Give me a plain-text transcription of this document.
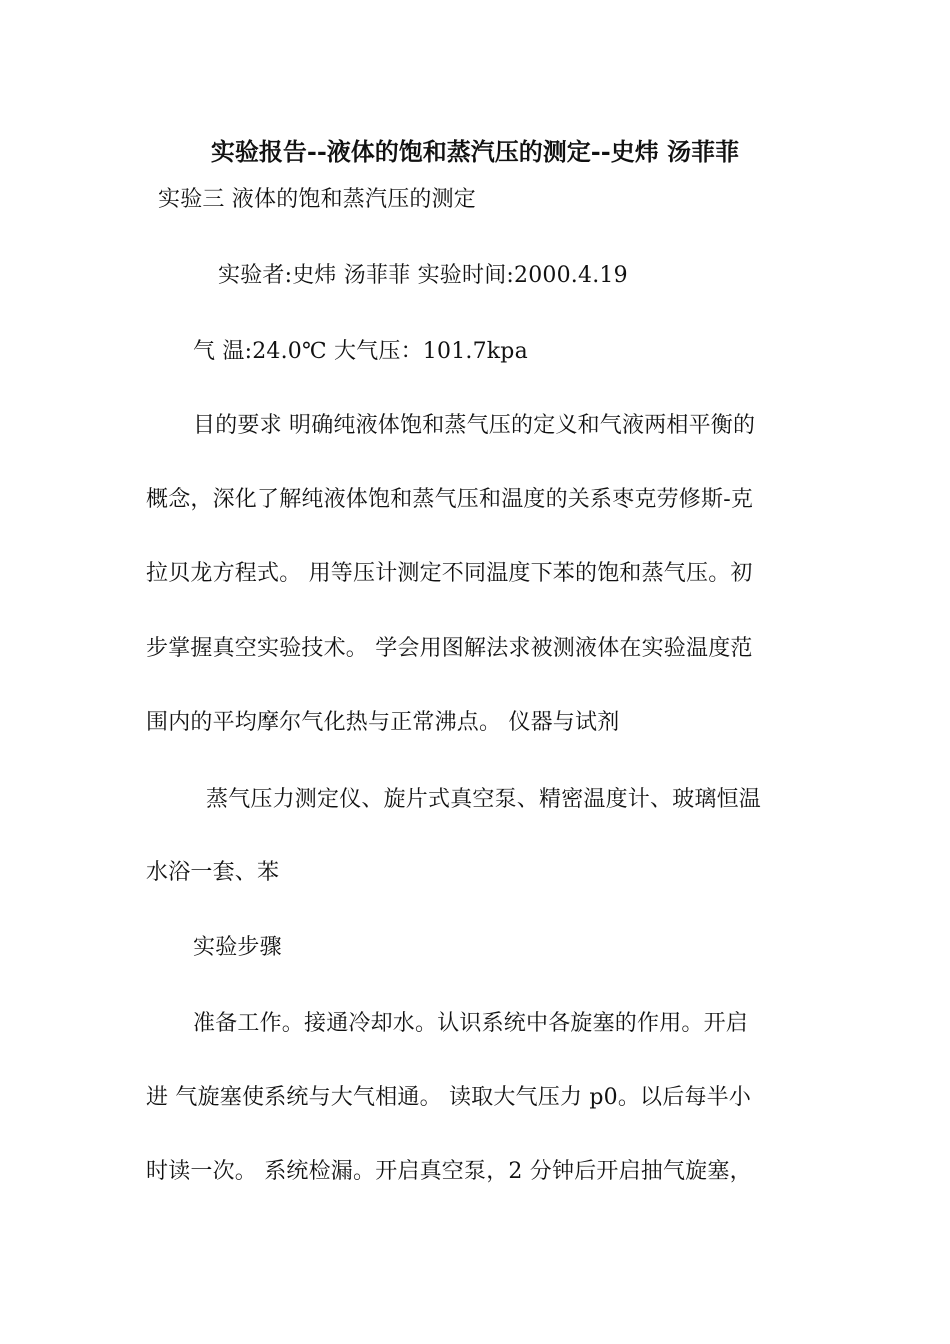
实验报告--液体的饱和蒸汽压的测定--史炜 汤菲菲
实验三 液体的饱和蒸汽压的测定
实验者:史炜 汤菲菲 实验时间:2000.4.19
气 温:24.0℃ 大气压：101.7kpa
目的要求 明确纯液体饱和蒸气压的定义和气液两相平衡的
概念，深化了解纯液体饱和蒸气压和温度的关系枣克劳修斯-克
拉贝龙方程式。 用等压计测定不同温度下苯的饱和蒸气压。初
步掌握真空实验技术。 学会用图解法求被测液体在实验温度范
围内的平均摩尔气化热与正常沸点。 仪器与试剂
蒸气压力测定仪、旋片式真空泵、精密温度计、玻璃恒温
水浴一套、苯
实验步骤
准备工作。接通冷却水。认识系统中各旋塞的作用。开启
进 气旋塞使系统与大气相通。 读取大气压力 p0。以后每半小
时读一次。 系统检漏。开启真空泵，2 分钟后开启抽气旋塞，
